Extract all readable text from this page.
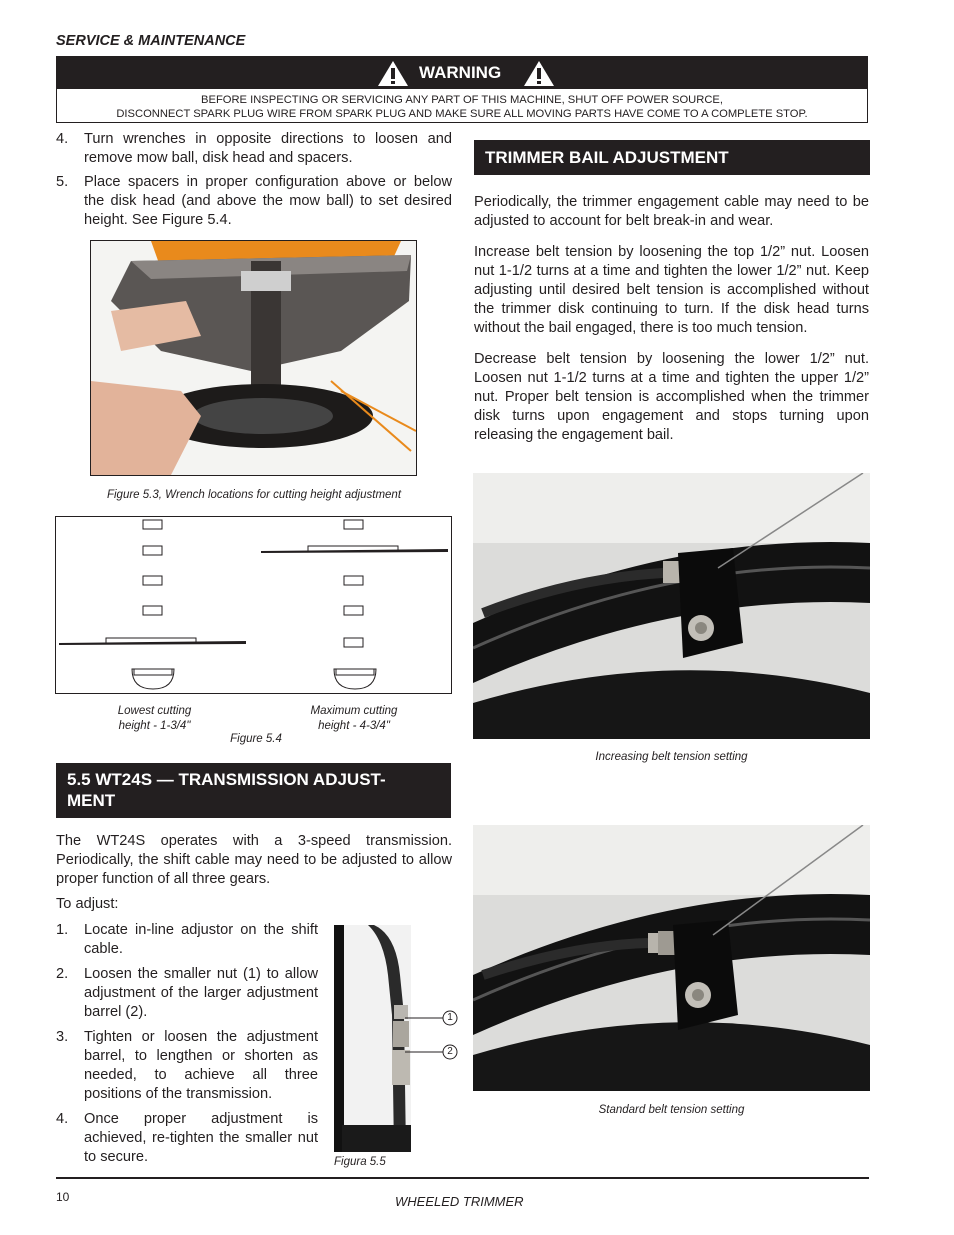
SERVICE & MAINTENANCE
WARNING
BEFORE INSPECTING OR SERVICING ANY PART OF THIS MACHINE, SHUT OFF POWER SOURCE,
DISCONNECT SPARK PLUG WIRE FROM SPARK PLUG AND MAKE SURE ALL MOVING PARTS HAVE COME TO A COMPLETE STOP.
4. Turn wrenches in opposite directions to loosen and remove mow ball, disk head and spacers.
5. Place spacers in proper configuration above or below the disk head (and above the mow ball) to set desired height. See Figure 5.4.
Figure 5.3, Wrench locations for cutting height adjustment
Lowest cutting
height - 1-3/4"
Maximum cutting
height - 4-3/4"
Figure 5.4
5.5 WT24S — TRANSMISSION ADJUST-
MENT
The WT24S operates with a 3-speed transmission. Periodically, the shift cable may need to be adjusted to allow proper function of all three gears.
To adjust:
1. Locate in-line adjustor on the shift cable.
2. Loosen the smaller nut (1) to allow adjustment of the larger adjustment barrel (2).
3. Tighten or loosen the adjustment barrel, to lengthen or shorten as needed, to achieve all three positions of the transmission.
4. Once proper adjustment is achieved, re-tighten the smaller nut to secure.
1
2
Figura 5.5
TRIMMER BAIL ADJUSTMENT
Periodically, the trimmer engagement cable may need to be adjusted to account for belt break-in and wear.
Increase belt tension by loosening the top 1/2” nut. Loosen nut 1-1/2 turns at a time and tighten the lower 1/2” nut. Keep adjusting until desired belt tension is accomplished without the trimmer disk continuing to turn. If the disk head turns without the bail engaged, there is too much tension.
Decrease belt tension by loosening the lower 1/2” nut. Loosen nut 1-1/2 turns at a time and tighten the upper 1/2” nut. Proper belt tension is accomplished when the trimmer disk turns upon engagement and stops turning upon releasing the engagement bail.
Increasing belt tension setting
Standard belt tension setting
10	WHEELED TRIMMER
